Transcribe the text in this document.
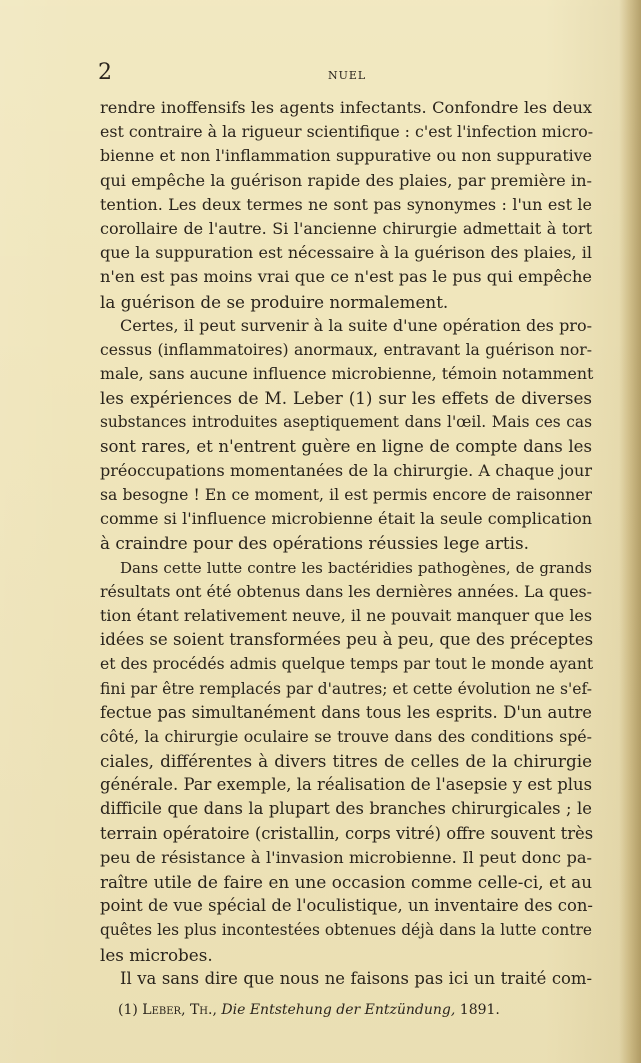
2	NUEL
rendre inoffensifs les agents infectants. Confondre les deux
est contraire à la rigueur scientifique : c'est l'infection micro-
bienne et non l'inflammation suppurative ou non suppurative
qui empêche la guérison rapide des plaies, par première in-
tention. Les deux termes ne sont pas synonymes : l'un est le
corollaire de l'autre. Si l'ancienne chirurgie admettait à tort
que la suppuration est nécessaire à la guérison des plaies, il
n'en est pas moins vrai que ce n'est pas le pus qui empêche
la guérison de se produire normalement.
Certes, il peut survenir à la suite d'une opération des pro-
cessus (inflammatoires) anormaux, entravant la guérison nor-
male, sans aucune influence microbienne, témoin notamment
les expériences de M. Leber (1) sur les effets de diverses
substances introduites aseptiquement dans l'œil. Mais ces cas
sont rares, et n'entrent guère en ligne de compte dans les
préoccupations momentanées de la chirurgie. A chaque jour
sa besogne ! En ce moment, il est permis encore de raisonner
comme si l'influence microbienne était la seule complication
à craindre pour des opérations réussies lege artis.
Dans cette lutte contre les bactéridies pathogènes, de grands
résultats ont été obtenus dans les dernières années. La ques-
tion étant relativement neuve, il ne pouvait manquer que les
idées se soient transformées peu à peu, que des préceptes
et des procédés admis quelque temps par tout le monde ayant
fini par être remplacés par d'autres; et cette évolution ne s'ef-
fectue pas simultanément dans tous les esprits. D'un autre
côté, la chirurgie oculaire se trouve dans des conditions spé-
ciales, différentes à divers titres de celles de la chirurgie
générale. Par exemple, la réalisation de l'asepsie y est plus
difficile que dans la plupart des branches chirurgicales ; le
terrain opératoire (cristallin, corps vitré) offre souvent très
peu de résistance à l'invasion microbienne. Il peut donc pa-
raître utile de faire en une occasion comme celle-ci, et au
point de vue spécial de l'oculistique, un inventaire des con-
quêtes les plus incontestées obtenues déjà dans la lutte contre
les microbes.
Il va sans dire que nous ne faisons pas ici un traité com-
(1) Leber, Th., Die Entstehung der Entzündung, 1891.
